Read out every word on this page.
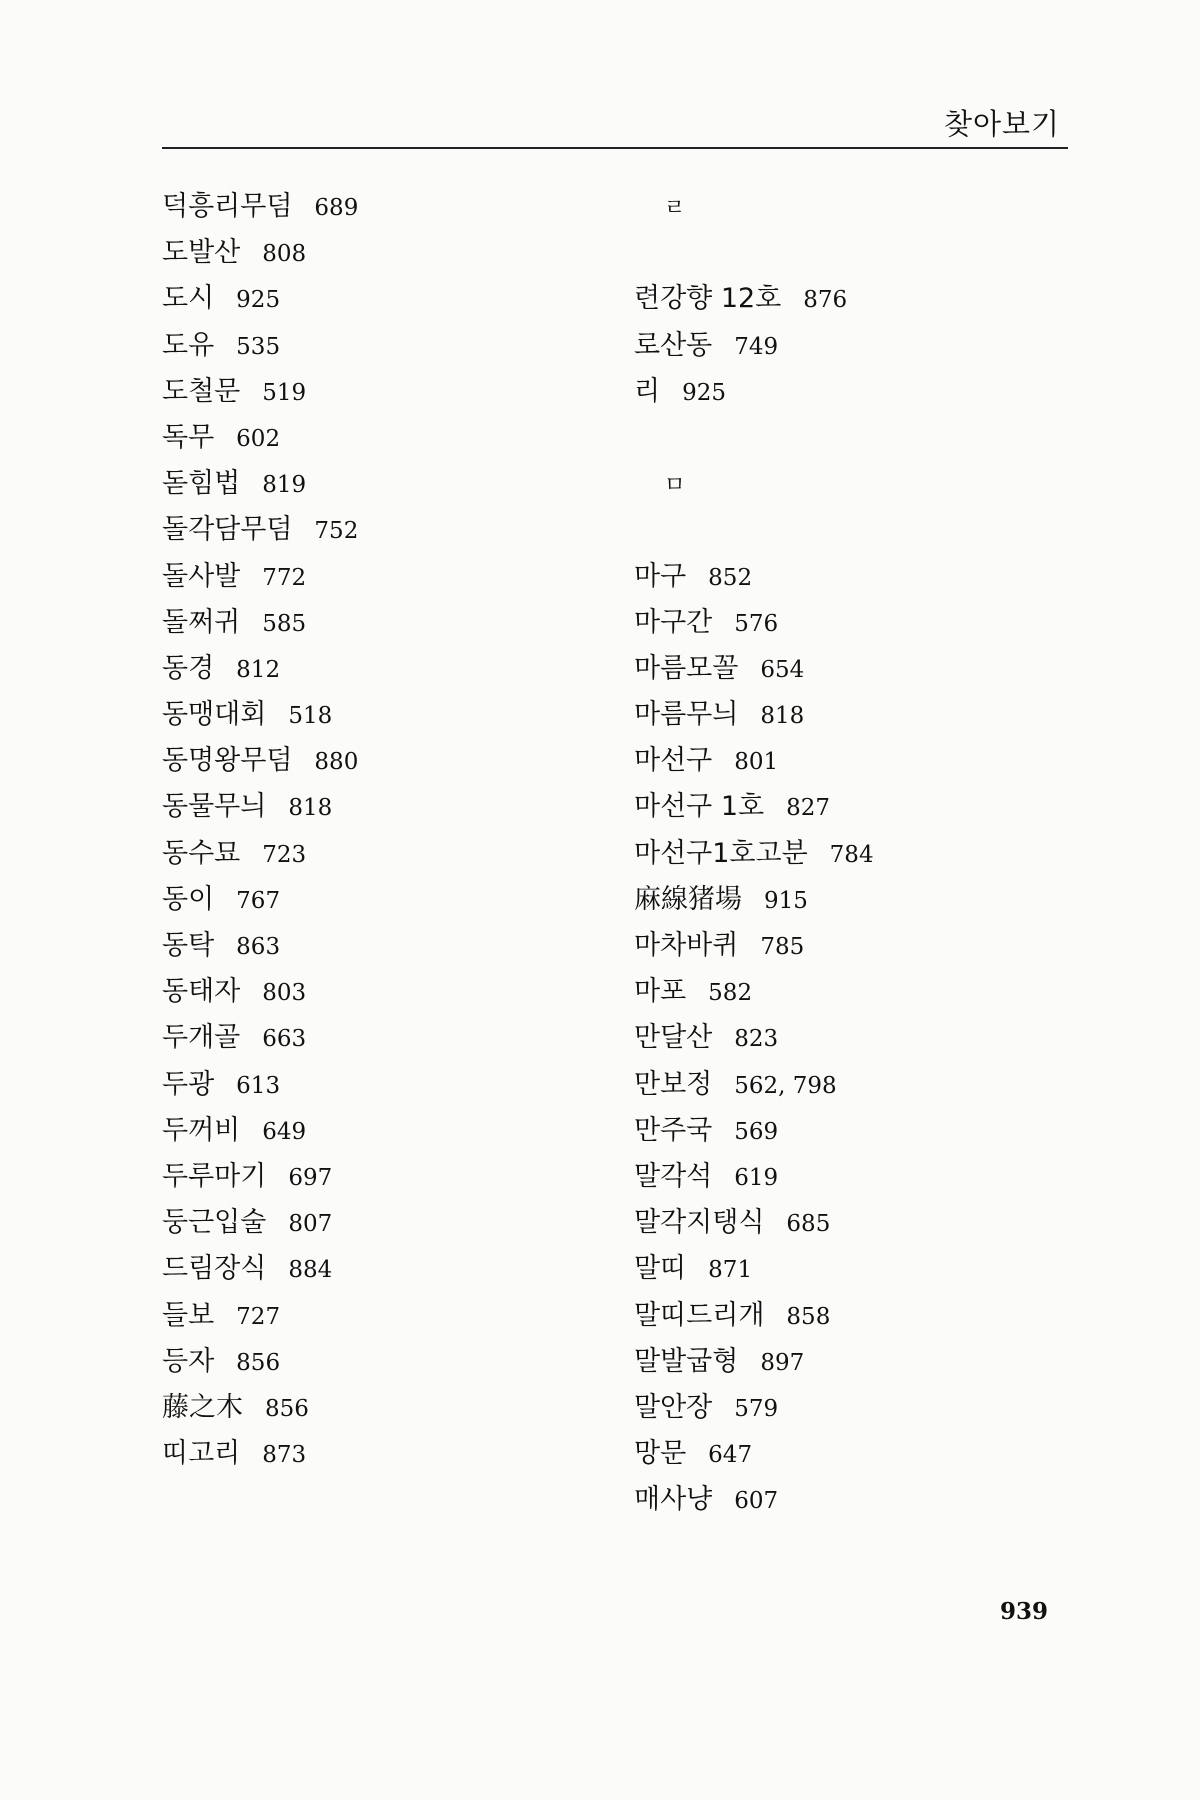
찾아보기
덕흥리무덤 689
도발산 808
도시 925
도유 535
도철문 519
독무 602
돋힘법 819
돌각담무덤 752
돌사발 772
돌쩌귀 585
동경 812
동맹대회 518
동명왕무덤 880
동물무늬 818
동수묘 723
동이 767
동탁 863
동태자 803
두개골 663
두광 613
두꺼비 649
두루마기 697
둥근입술 807
드림장식 884
들보 727
등자 856
藤之木 856
띠고리 873
ㄹ
련강향 12호 876
로산동 749
리 925
ㅁ
마구 852
마구간 576
마름모꼴 654
마름무늬 818
마선구 801
마선구 1호 827
마선구1호고분 784
麻線猪場 915
마차바퀴 785
마포 582
만달산 823
만보정 562, 798
만주국 569
말각석 619
말각지탱식 685
말띠 871
말띠드리개 858
말발굽형 897
말안장 579
망문 647
매사냥 607
939
